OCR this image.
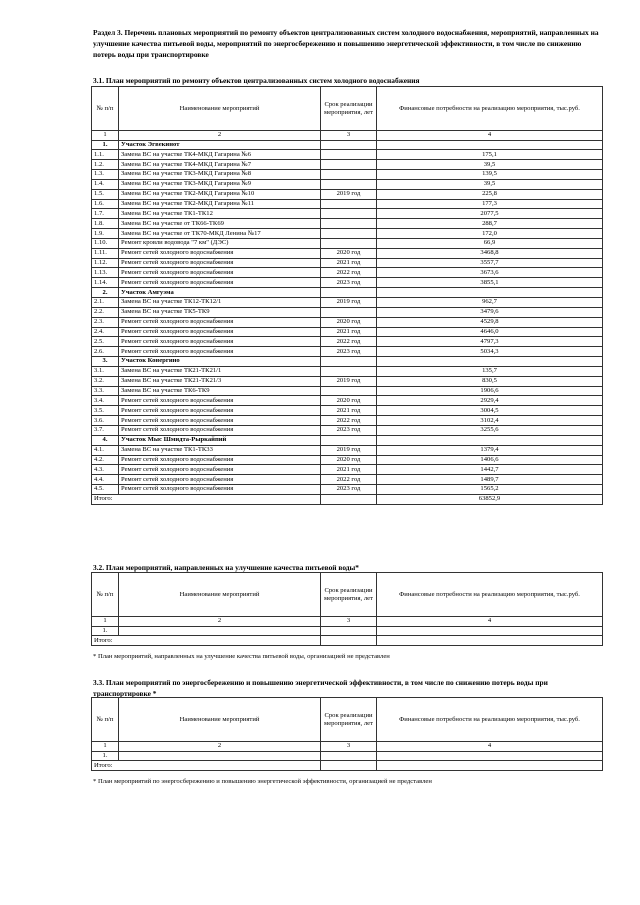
Раздел 3. Перечень плановых мероприятий по ремонту объектов централизованных систем холодного водоснабжения, мероприятий, направленных на улучшение качества питьевой воды, мероприятий по энергосбережению и повышению энергетической эффективности, в том числе по снижению потерь воды при транспортировке
3.1. План мероприятий по ремонту объектов централизованных систем холодного водоснабжения
№ п/п	Наименование мероприятий	Срок реализации мероприятия, лет	Финансовые потребности на реализацию мероприятия, тыс.руб.
1	2	3	4
1.	Участок Эгвекинот		
1.1.	Замена ВС на участке ТК4-МКД Гагарина №6		175,1
1.2.	Замена ВС на участке ТК4-МКД Гагарина №7		39,5
1.3.	Замена ВС на участке ТК3-МКД Гагарина №8		139,5
1.4.	Замена ВС на участке ТК3-МКД Гагарина №9		39,5
1.5.	Замена ВС на участке ТК2-МКД Гагарина №10	2019 год	225,8
1.6.	Замена ВС на участке ТК2-МКД Гагарина №11		177,3
1.7.	Замена ВС на участке ТК1-ТК12		2077,5
1.8.	Замена ВС на участке от ТК66-ТК69		288,7
1.9.	Замена ВС на участке от ТК70-МКД Ленина №17		172,0
1.10.	Ремонт кровли водовода "7 км" (ДЭС)		66,9
1.11.	Ремонт сетей холодного водоснабжения	2020 год	3468,8
1.12.	Ремонт сетей холодного водоснабжения	2021 год	3557,7
1.13.	Ремонт сетей холодного водоснабжения	2022 год	3673,6
1.14.	Ремонт сетей холодного водоснабжения	2023 год	3855,1
2.	Участок Амгуэма		
2.1.	Замена ВС на участке ТК12-ТК12/1	2019 год	962,7
2.2.	Замена ВС на участке ТК5-ТК9		3479,6
2.3.	Ремонт сетей холодного водоснабжения	2020 год	4529,8
2.4.	Ремонт сетей холодного водоснабжения	2021 год	4646,0
2.5.	Ремонт сетей холодного водоснабжения	2022 год	4797,3
2.6.	Ремонт сетей холодного водоснабжения	2023 год	5034,3
3.	Участок Конергино		
3.1.	Замена ВС на участке ТК21-ТК21/1		135,7
3.2.	Замена ВС на участке ТК21-ТК21/3	2019 год	830,5
3.3.	Замена ВС на участке ТК6-ТК9		1906,6
3.4.	Ремонт сетей холодного водоснабжения	2020 год	2929,4
3.5.	Ремонт сетей холодного водоснабжения	2021 год	3004,5
3.6.	Ремонт сетей холодного водоснабжения	2022 год	3102,4
3.7.	Ремонт сетей холодного водоснабжения	2023 год	3255,6
4.	Участок Мыс Шмидта-Рыркайпий		
4.1.	Замена ВС на участке ТК1-ТК33	2019 год	1379,4
4.2.	Ремонт сетей холодного водоснабжения	2020 год	1406,6
4.3.	Ремонт сетей холодного водоснабжения	2021 год	1442,7
4.4.	Ремонт сетей холодного водоснабжения	2022 год	1489,7
4.5.	Ремонт сетей холодного водоснабжения	2023 год	1565,2
Итого:			63852,9
3.2. План мероприятий, направленных на улучшение качества питьевой воды*
№ п/п	Наименование мероприятий	Срок реализации мероприятия, лет	Финансовые потребности на реализацию мероприятия, тыс.руб.
1	2	3	4
1.			
Итого:			
* План мероприятий, направленных на улучшение качества питьевой воды, организацией не представлен
3.3. План мероприятий по энергосбережению и повышению энергетической эффективности, в том числе по снижению потерь воды при транспортировке *
№ п/п	Наименование мероприятий	Срок реализации мероприятия, лет	Финансовые потребности на реализацию мероприятия, тыс.руб.
1	2	3	4
1.			
Итого:			
* План мероприятий по энергосбережению и повышению энергетической эффективности, организацией не представлен
